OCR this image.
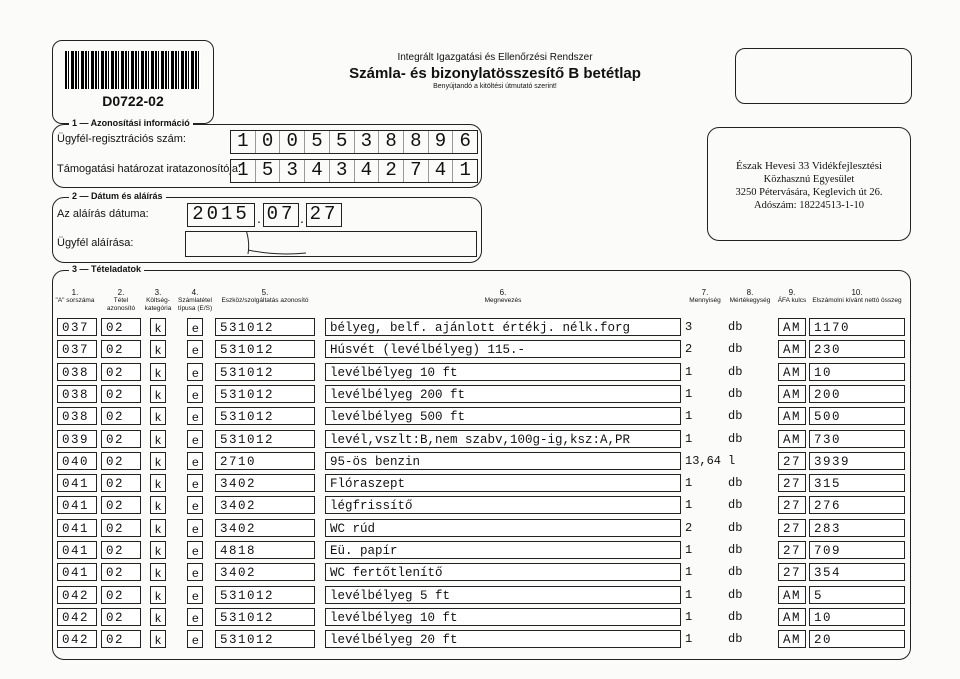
D0722-02
Integrált Igazgatási és Ellenőrzési Rendszer
Számla- és bizonylatösszesítő B betétlap
Benyújtandó a kitöltési útmutató szerint!
1 — Azonosítási információ
Ügyfél-regisztrációs szám:	1 0 0 5 5 3 8 8 9 6
Támogatási határozat iratazonosítója:
1 5 3 4 3 4 2 7 4 1
2 — Dátum és aláírás
Az aláírás dátuma: 2015 . 07 . 27
Ügyfél aláírása:
Észak Hevesi 33 Vidékfejlesztési
Közhasznú Egyesület
3250 Pétervására, Keglevich út 26.
Adószám: 18224513-1-10
3 — Tételadatok
1.
"A" sorszáma
2.
Tétel azonosító
3.
Költség-kategória
4.
Számlatétel típusa (E/S)
5.
Eszköz/szolgáltatás azonosító
6.
Megnevezés
7.
Mennyiség
8.
Mértékegység
9.
ÁFA kulcs
10.
Elszámolni kívánt nettó összeg
037	02	k	e	531012	bélyeg, belf. ajánlott értékj. nélk.forg	3	db	AM	1170
037	02	k	e	531012	Húsvét (levélbélyeg) 115.-	2	db	AM	230
038	02	k	e	531012	levélbélyeg 10 ft	1	db	AM	10
038	02	k	e	531012	levélbélyeg 200 ft	1	db	AM	200
038	02	k	e	531012	levélbélyeg 500 ft	1	db	AM	500
039	02	k	e	531012	levél,vszlt:B,nem szabv,100g-ig,ksz:A,PR	1	db	AM	730
040	02	k	e	2710	95-ös benzin	13,64 l	27	3939
041	02	k	e	3402	Flóraszept	1	db	27	315
041	02	k	e	3402	légfrissítő	1	db	27	276
041	02	k	e	3402	WC rúd	2	db	27	283
041	02	k	e	4818	Eü. papír	1	db	27	709
041	02	k	e	3402	WC fertőtlenítő	1	db	27	354
042	02	k	e	531012	levélbélyeg 5 ft	1	db	AM	5
042	02	k	e	531012	levélbélyeg 10 ft	1	db	AM	10
042	02	k	e	531012	levélbélyeg 20 ft	1	db	AM	20
